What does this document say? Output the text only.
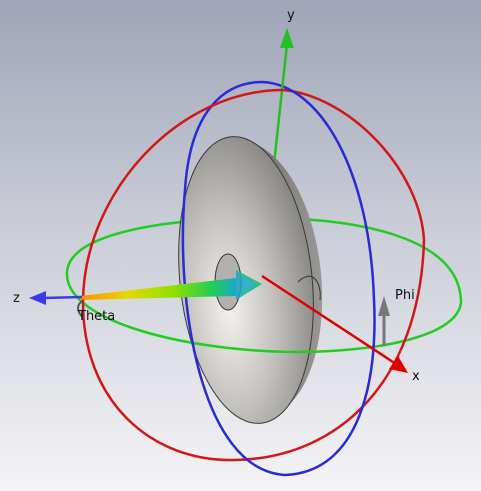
y
z
x
Theta
Phi
